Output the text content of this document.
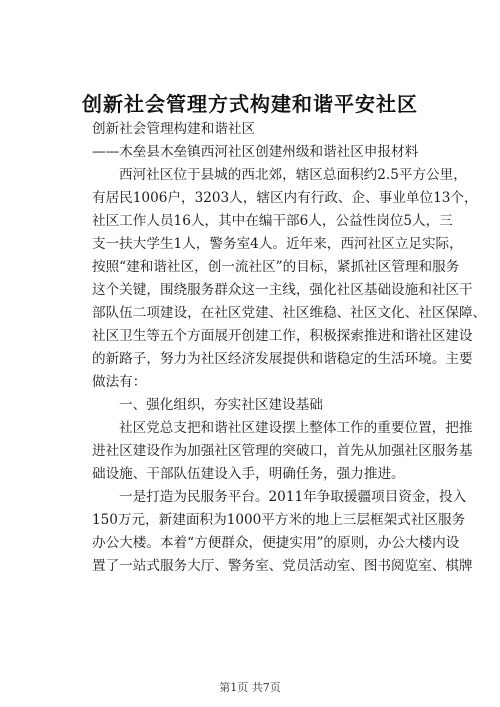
创新社会管理方式构建和谐平安社区
创新社会管理构建和谐社区
——木垒县木垒镇西河社区创建州级和谐社区申报材料
西河社区位于县城的西北郊，辖区总面积约2.5平方公里，
有居民1006户，3203人，辖区内有行政、企、事业单位13个，
社区工作人员16人，其中在编干部6人，公益性岗位5人，三
支一扶大学生1人，警务室4人。近年来，西河社区立足实际，
按照“建和谐社区，创一流社区”的目标，紧抓社区管理和服务
这个关键，围绕服务群众这一主线，强化社区基础设施和社区干
部队伍二项建设，在社区党建、社区维稳、社区文化、社区保障、
社区卫生等五个方面展开创建工作，积极探索推进和谐社区建设
的新路子，努力为社区经济发展提供和谐稳定的生活环境。主要
做法有：
一、强化组织，夯实社区建设基础
社区党总支把和谐社区建设摆上整体工作的重要位置，把推
进社区建设作为加强社区管理的突破口，首先从加强社区服务基
础设施、干部队伍建设入手，明确任务，强力推进。
一是打造为民服务平台。2011年争取援疆项目资金，投入
150万元，新建面积为1000平方米的地上三层框架式社区服务
办公大楼。本着“方便群众，便捷实用”的原则，办公大楼内设
置了一站式服务大厅、警务室、党员活动室、图书阅览室、棋牌
第1页 共7页
